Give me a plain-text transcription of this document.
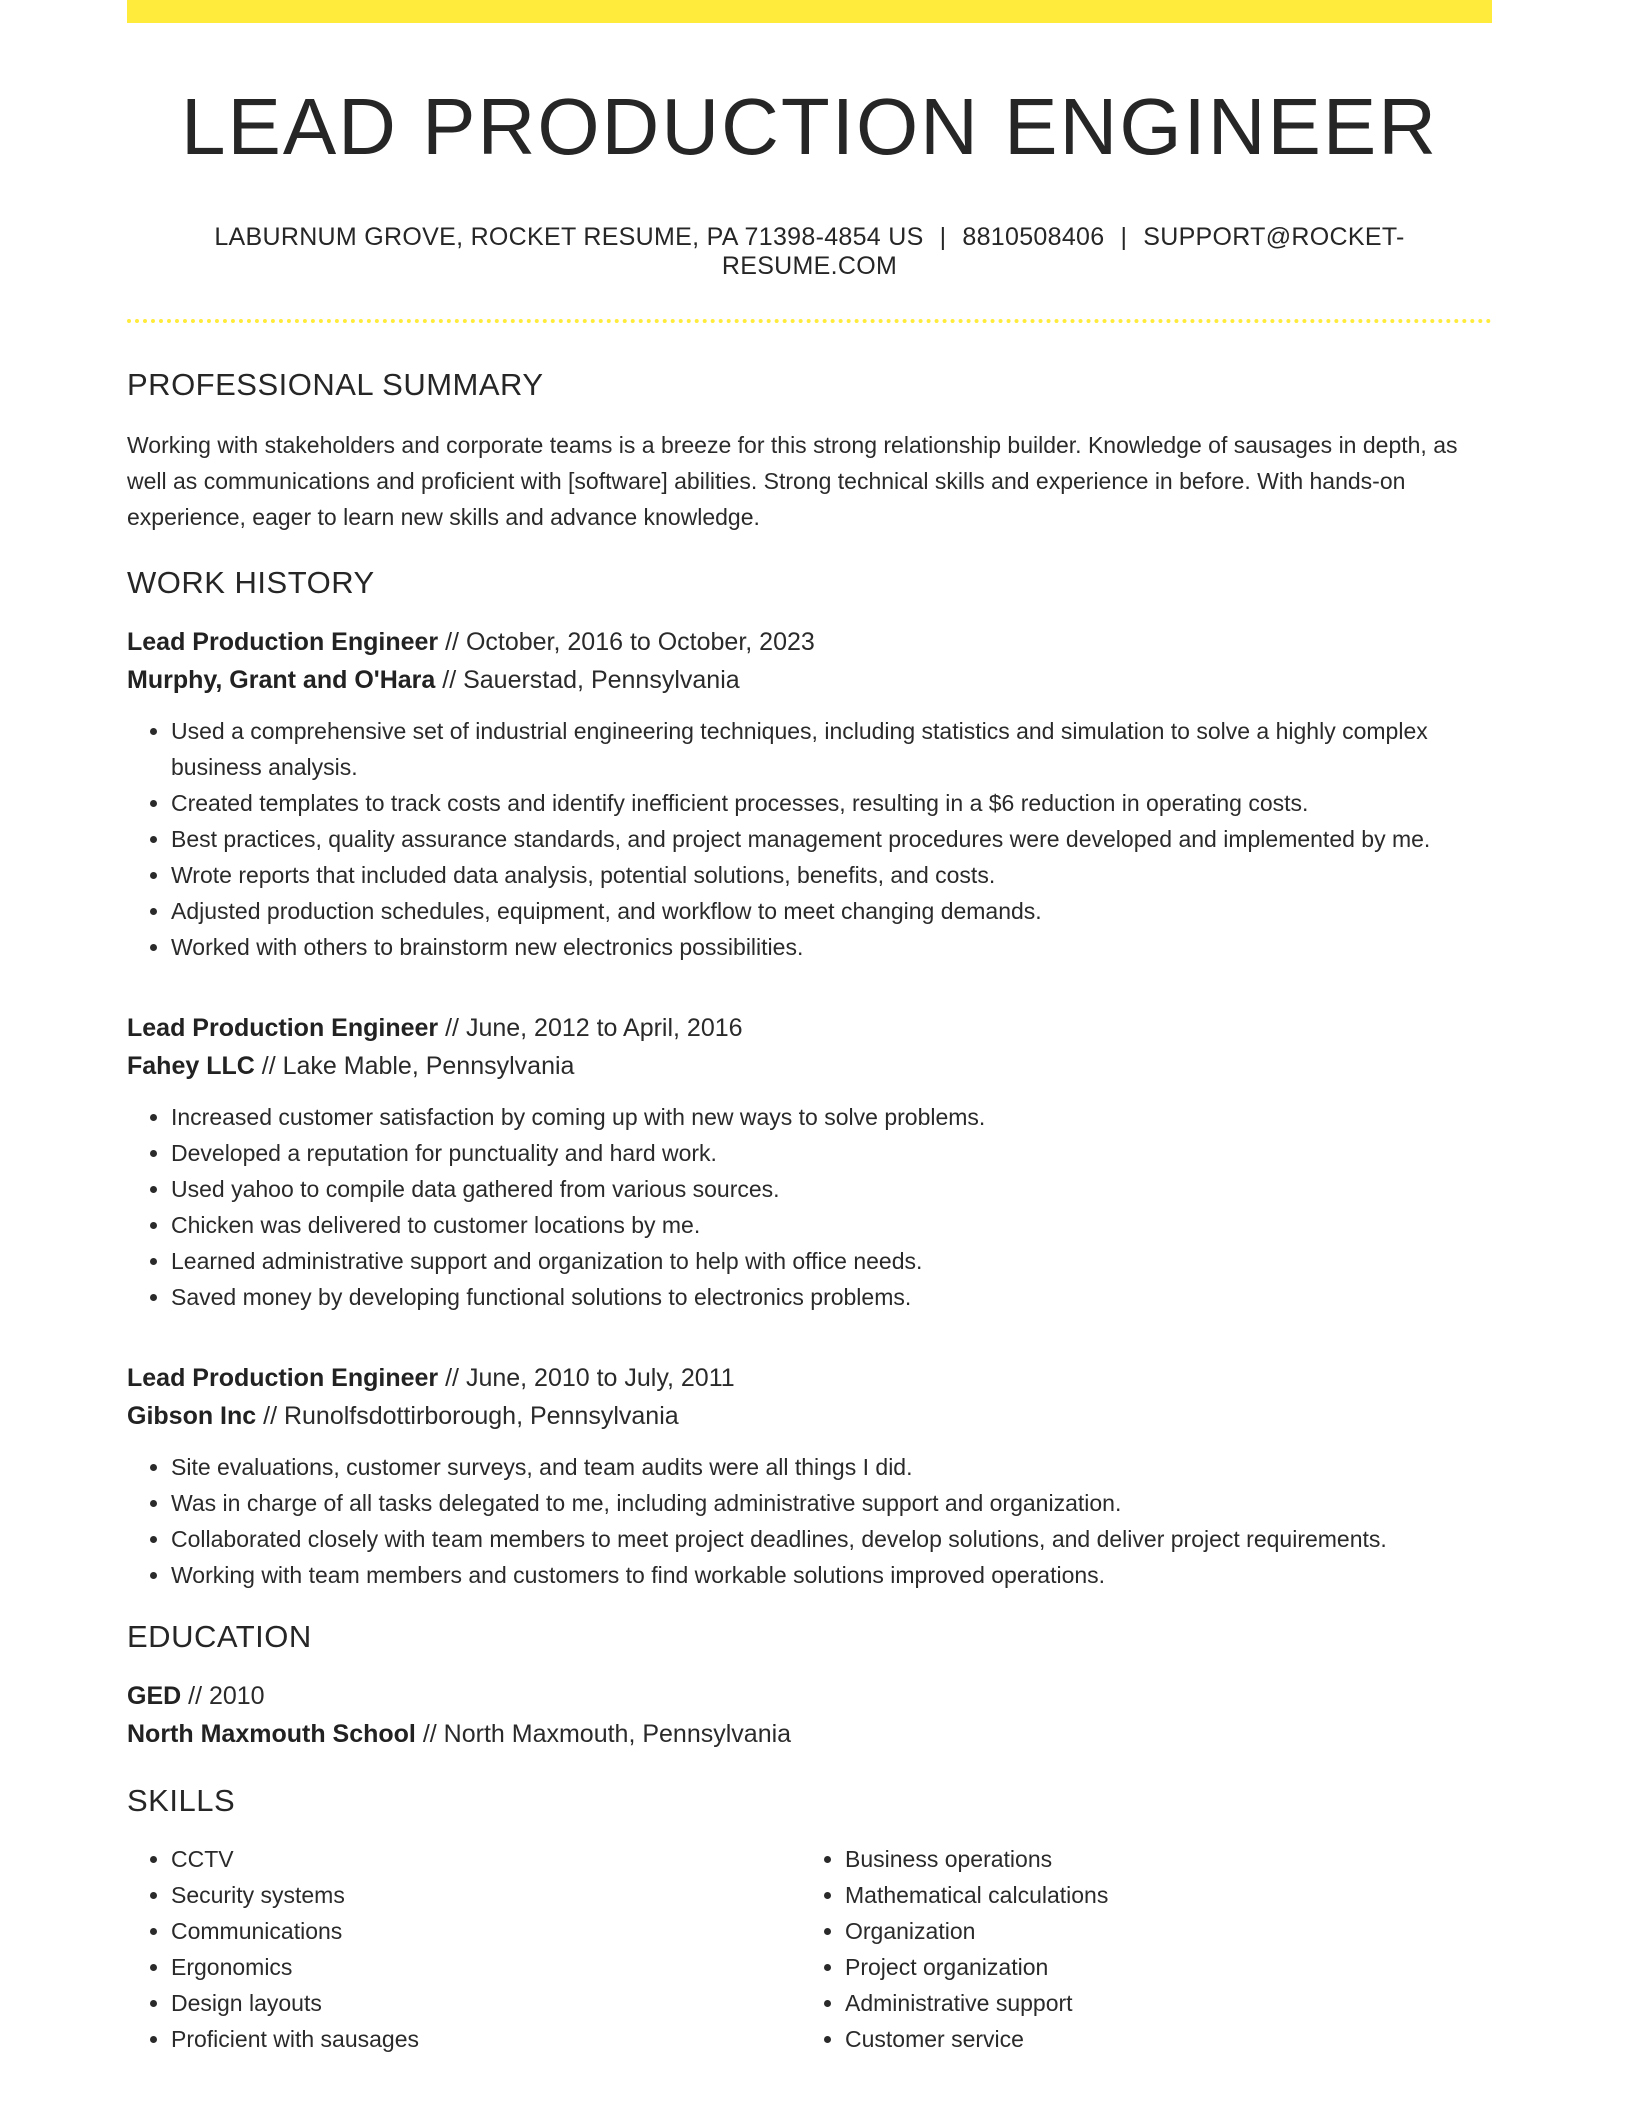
LEAD PRODUCTION ENGINEER
LABURNUM GROVE, ROCKET RESUME, PA 71398-4854 US | 8810508406 | SUPPORT@ROCKET-RESUME.COM
PROFESSIONAL SUMMARY
Working with stakeholders and corporate teams is a breeze for this strong relationship builder. Knowledge of sausages in depth, as well as communications and proficient with [software] abilities. Strong technical skills and experience in before. With hands-on experience, eager to learn new skills and advance knowledge.
WORK HISTORY
Lead Production Engineer // October, 2016 to October, 2023
Murphy, Grant and O'Hara // Sauerstad, Pennsylvania
• Used a comprehensive set of industrial engineering techniques, including statistics and simulation to solve a highly complex business analysis.
• Created templates to track costs and identify inefficient processes, resulting in a $6 reduction in operating costs.
• Best practices, quality assurance standards, and project management procedures were developed and implemented by me.
• Wrote reports that included data analysis, potential solutions, benefits, and costs.
• Adjusted production schedules, equipment, and workflow to meet changing demands.
• Worked with others to brainstorm new electronics possibilities.
Lead Production Engineer // June, 2012 to April, 2016
Fahey LLC // Lake Mable, Pennsylvania
• Increased customer satisfaction by coming up with new ways to solve problems.
• Developed a reputation for punctuality and hard work.
• Used yahoo to compile data gathered from various sources.
• Chicken was delivered to customer locations by me.
• Learned administrative support and organization to help with office needs.
• Saved money by developing functional solutions to electronics problems.
Lead Production Engineer // June, 2010 to July, 2011
Gibson Inc // Runolfsdottirborough, Pennsylvania
• Site evaluations, customer surveys, and team audits were all things I did.
• Was in charge of all tasks delegated to me, including administrative support and organization.
• Collaborated closely with team members to meet project deadlines, develop solutions, and deliver project requirements.
• Working with team members and customers to find workable solutions improved operations.
EDUCATION
GED // 2010
North Maxmouth School // North Maxmouth, Pennsylvania
SKILLS
• CCTV
• Security systems
• Communications
• Ergonomics
• Design layouts
• Proficient with sausages
• Business operations
• Mathematical calculations
• Organization
• Project organization
• Administrative support
• Customer service
